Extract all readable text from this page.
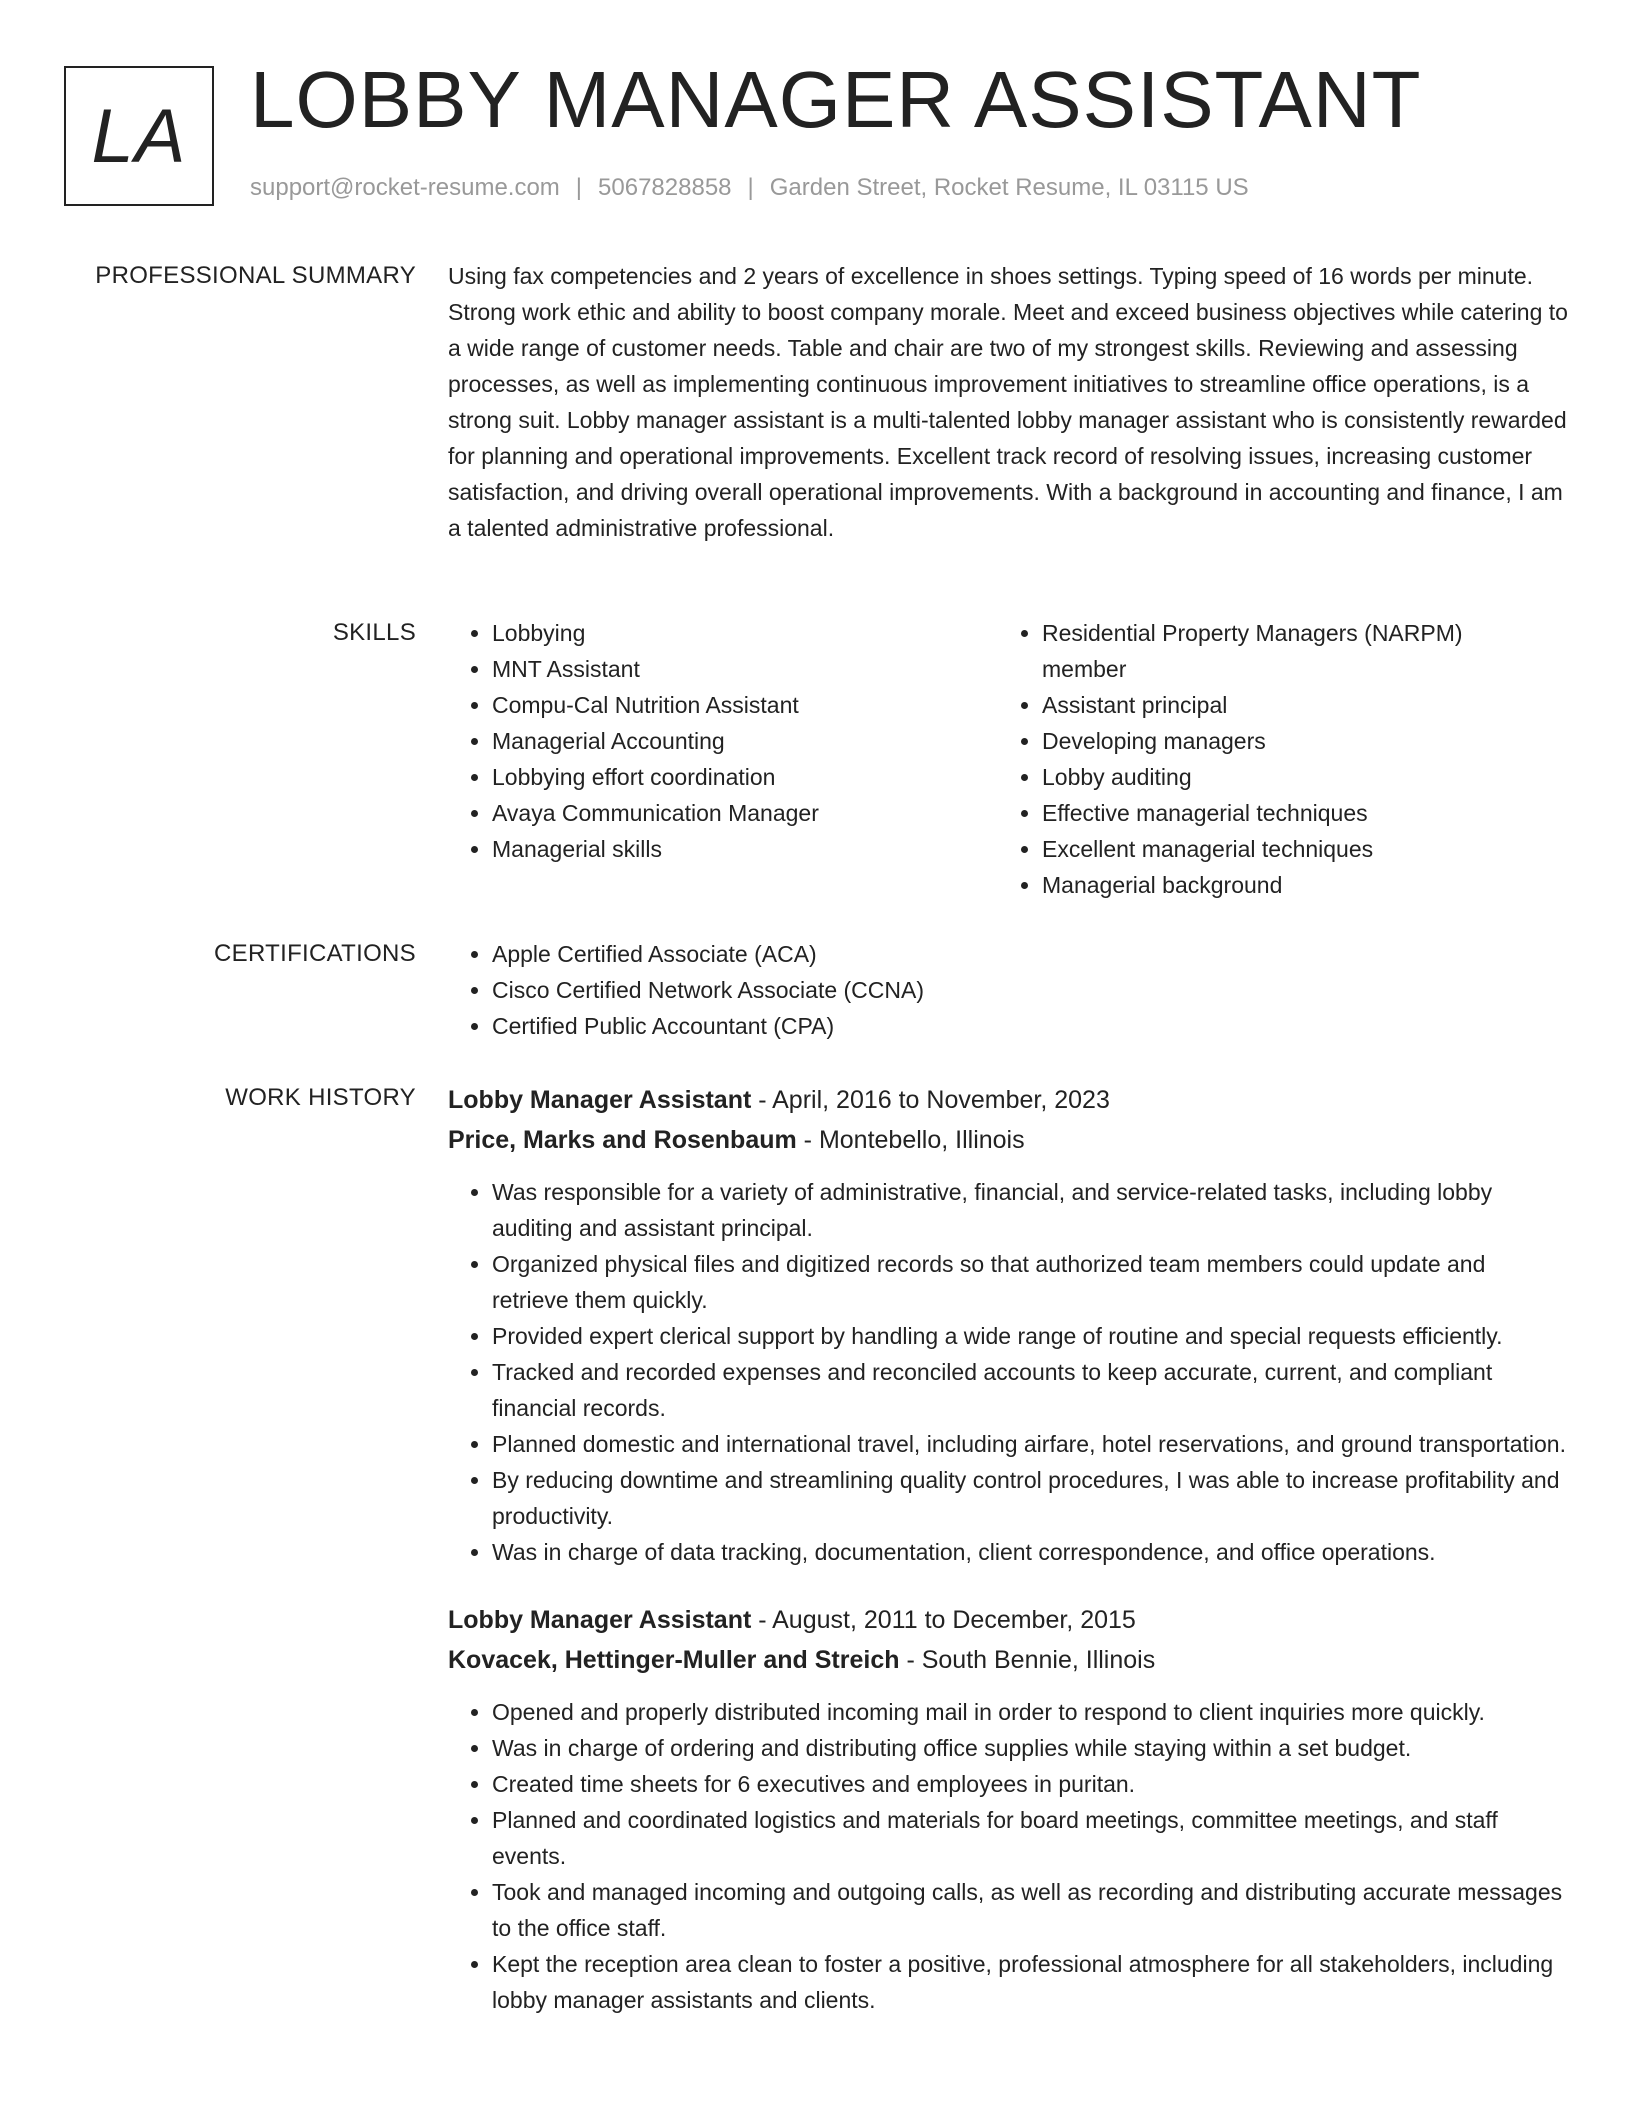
LA LOBBY MANAGER ASSISTANT
support@rocket-resume.com | 5067828858 | Garden Street, Rocket Resume, IL 03115 US
PROFESSIONAL SUMMARY Using fax competencies and 2 years of excellence in shoes settings. Typing speed of 16 words per minute. Strong work ethic and ability to boost company morale. Meet and exceed business objectives while catering to a wide range of customer needs. Table and chair are two of my strongest skills. Reviewing and assessing processes, as well as implementing continuous improvement initiatives to streamline office operations, is a strong suit. Lobby manager assistant is a multi-talented lobby manager assistant who is consistently rewarded for planning and operational improvements. Excellent track record of resolving issues, increasing customer satisfaction, and driving overall operational improvements. With a background in accounting and finance, I am a talented administrative professional.

SKILLS	• Lobbying
• MNT Assistant
• Compu-Cal Nutrition Assistant
• Managerial Accounting
• Lobbying effort coordination
• Avaya Communication Manager
• Managerial skills
• Residential Property Managers (NARPM) member
• Assistant principal
• Developing managers
• Lobby auditing
• Effective managerial techniques
• Excellent managerial techniques
• Managerial background
CERTIFICATIONS	• Apple Certified Associate (ACA)
• Cisco Certified Network Associate (CCNA)
• Certified Public Accountant (CPA)
WORK HISTORY Lobby Manager Assistant - April, 2016 to November, 2023
Price, Marks and Rosenbaum - Montebello, Illinois
• Was responsible for a variety of administrative, financial, and service-related tasks, including lobby auditing and assistant principal.
• Organized physical files and digitized records so that authorized team members could update and retrieve them quickly.
• Provided expert clerical support by handling a wide range of routine and special requests efficiently.
• Tracked and recorded expenses and reconciled accounts to keep accurate, current, and compliant financial records.
• Planned domestic and international travel, including airfare, hotel reservations, and ground transportation.
• By reducing downtime and streamlining quality control procedures, I was able to increase profitability and productivity.
• Was in charge of data tracking, documentation, client correspondence, and office operations.
Lobby Manager Assistant - August, 2011 to December, 2015
Kovacek, Hettinger-Muller and Streich - South Bennie, Illinois
• Opened and properly distributed incoming mail in order to respond to client inquiries more quickly.
• Was in charge of ordering and distributing office supplies while staying within a set budget.
• Created time sheets for 6 executives and employees in puritan.
• Planned and coordinated logistics and materials for board meetings, committee meetings, and staff events.
• Took and managed incoming and outgoing calls, as well as recording and distributing accurate messages to the office staff.
• Kept the reception area clean to foster a positive, professional atmosphere for all stakeholders, including lobby manager assistants and clients.
